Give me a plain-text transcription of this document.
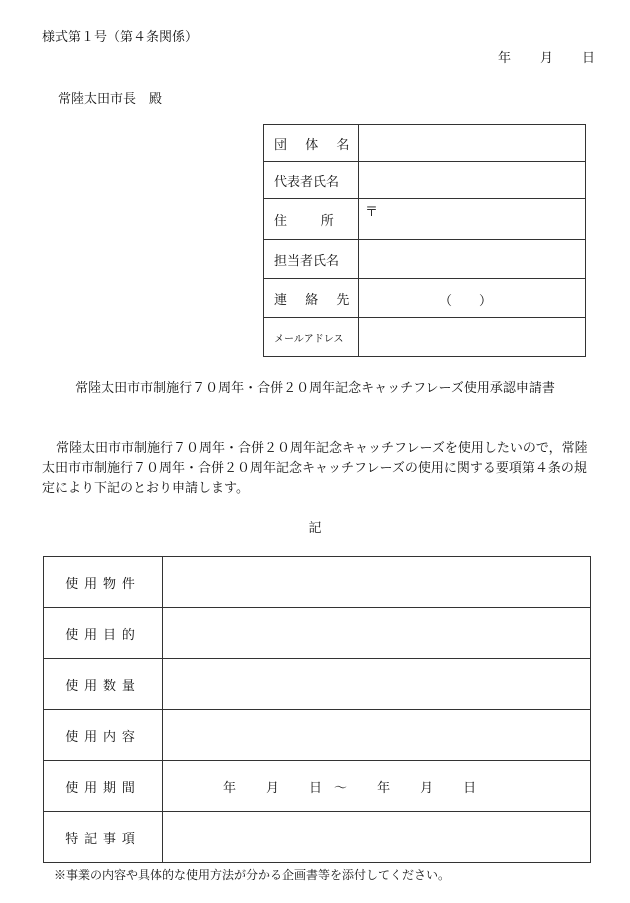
様式第１号（第４条関係）
年 月 日
常陸太田市長　殿
団　体　名	
代表者氏名	
住　　所	〒

担当者氏名	
連　絡　先	（ ）

メールアドレス	
常陸太田市市制施行７０周年・合併２０周年記念キャッチフレーズ使用承認申請書
常陸太田市市制施行７０周年・合併２０周年記念キャッチフレーズを使用したいので，常陸太田市市制施行７０周年・合併２０周年記念キャッチフレーズの使用に関する要項第４条の規定により下記のとおり申請します。
記
使用物件	
使用目的	
使用数量	
使用内容	
使用期間	年 月 日 ～ 年 月 日
特記事項	
※事業の内容や具体的な使用方法が分かる企画書等を添付してください。
